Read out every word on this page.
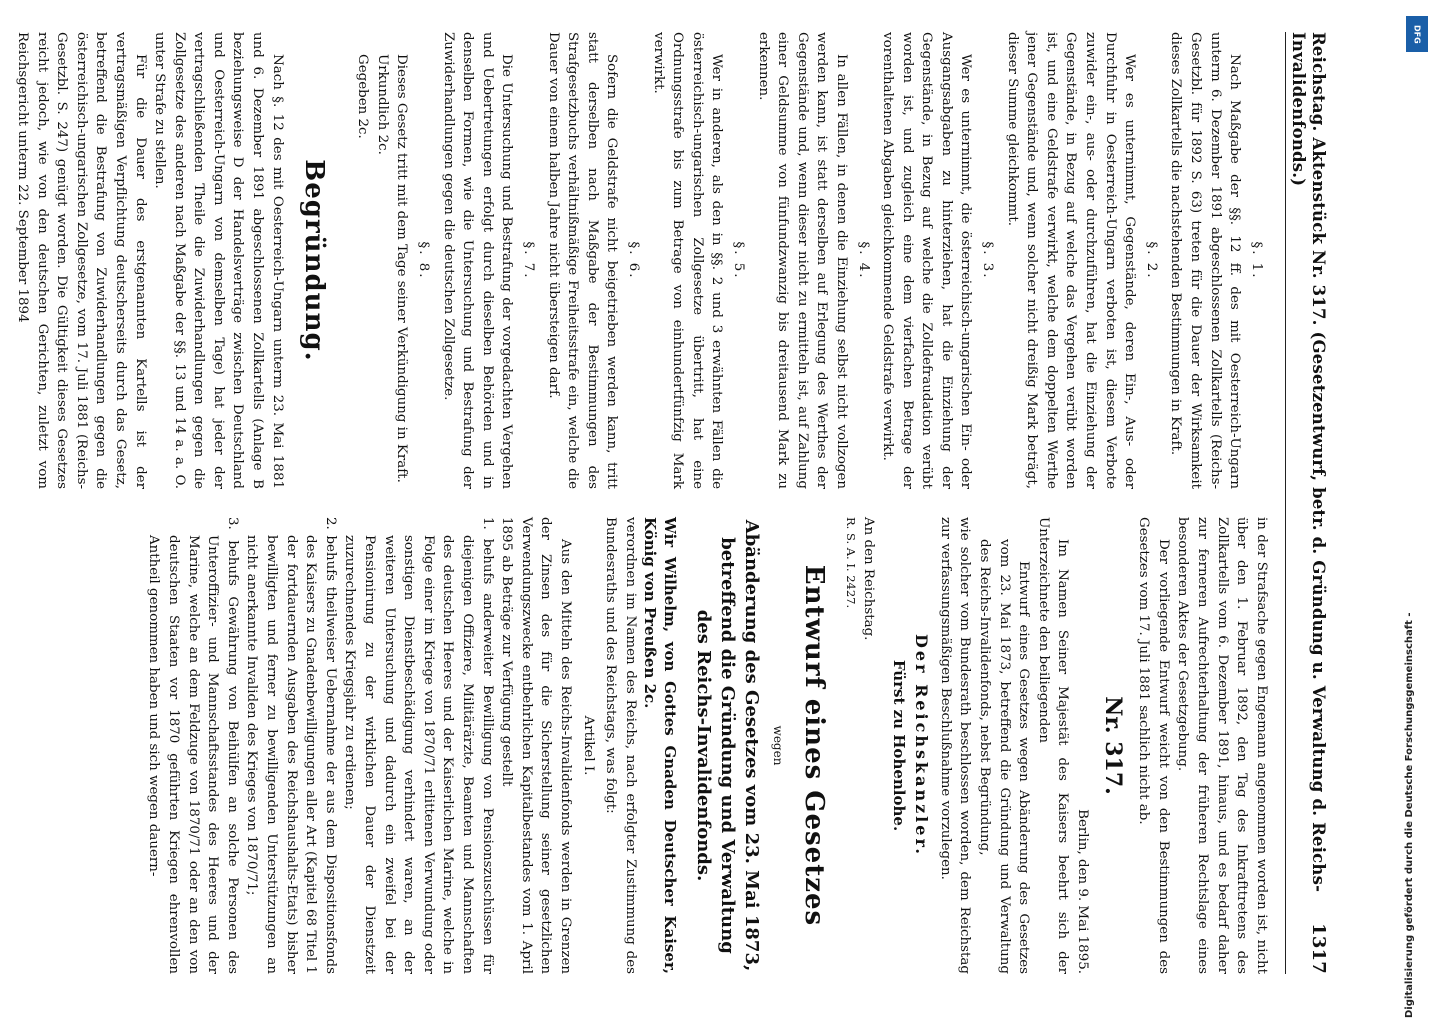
Reichstag. Aktenstück Nr. 317. (Gesetzentwurf, betr. d. Gründung u. Verwaltung d. Reichs-Invalidenfonds.)
1317
§. 1.

Nach Maßgabe der §§. 12 ff. des mit Oesterreich-Ungarn unterm 6. Dezember 1891 abgeschlossenen Zollkartells (Reichs-Gesetzbl. für 1892 S. 63) treten für die Dauer der Wirksamkeit dieses Zollkartells die nachstehenden Bestimmungen in Kraft.

§. 2.

Wer es unternimmt, Gegenstände, deren Ein-, Aus- oder Durchfuhr in Oesterreich-Ungarn verboten ist, diesem Verbote zuwider ein-, aus- oder durchzuführen, hat die Einziehung der Gegenstände, in Bezug auf welche das Vergehen verübt worden ist, und eine Geldstrafe verwirkt, welche dem doppelten Werthe jener Gegenstände und, wenn solcher nicht dreißig Mark beträgt, dieser Summe gleichkommt.

§. 3.

Wer es unternimmt, die österreichisch-ungarischen Ein- oder Ausgangsabgaben zu hinterziehen, hat die Einziehung der Gegenstände, in Bezug auf welche die Zolldefraudation verübt worden ist, und zugleich eine dem vierfachen Betrage der vorenthaltenen Abgaben gleichkommende Geldstrafe verwirkt.

§. 4.

In allen Fällen, in denen die Einziehung selbst nicht vollzogen werden kann, ist statt derselben auf Erlegung des Werthes der Gegenstände und, wenn dieser nicht zu ermitteln ist, auf Zahlung einer Geldsumme von fünfundzwanzig bis dreitausend Mark zu erkennen.

§. 5.

Wer in anderen, als den in §§. 2 und 3 erwähnten Fällen die österreichisch-ungarischen Zollgesetze übertritt, hat eine Ordnungsstrafe bis zum Betrage von einhundertfünfzig Mark verwirkt.

§. 6.

Sofern die Geldstrafe nicht beigetrieben werden kann, tritt statt derselben nach Maßgabe der Bestimmungen des Strafgesetzbuchs verhältnißmäßige Freiheitsstrafe ein, welche die Dauer von einem halben Jahre nicht übersteigen darf.

§. 7.

Die Untersuchung und Bestrafung der vorgedachten Vergehen und Uebertretungen erfolgt durch dieselben Behörden und in denselben Formen, wie die Untersuchung und Bestrafung der Zuwiderhandlungen gegen die deutschen Zollgesetze.

§. 8.

Dieses Gesetz tritt mit dem Tage seiner Verkündigung in Kraft.

Urkundlich 2c.

Gegeben 2c.

Begründung.

Nach §. 12 des mit Oesterreich-Ungarn unterm 23. Mai 1881 und 6. Dezember 1891 abgeschlossenen Zollkartells (Anlage B beziehungsweise D der Handelsverträge zwischen Deutschland und Oesterreich-Ungarn von demselben Tage) hat jeder der vertragschließenden Theile die Zuwiderhandlungen gegen die Zollgesetze des anderen nach Maßgabe der §§. 13 und 14 a. a. O. unter Strafe zu stellen.

Für die Dauer des erstgenannten Kartells ist der vertragsmäßigen Verpflichtung deutscherseits durch das Gesetz, betreffend die Bestrafung von Zuwiderhandlungen gegen die österreichisch-ungarischen Zollgesetze, vom 17. Juli 1881 (Reichs-Gesetzbl. S. 247) genügt worden. Die Gültigkeit dieses Gesetzes reicht jedoch, wie von den deutschen Gerichten, zuletzt vom Reichsgericht unterm 22. September 1894

in der Strafsache gegen Engemann angenommen worden ist, nicht über den 1. Februar 1892, den Tag des Inkrafttretens des Zollkartells vom 6. Dezember 1891, hinaus, und es bedarf daher zur ferneren Aufrechterhaltung der früheren Rechtslage eines besonderen Aktes der Gesetzgebung.

Der vorliegende Entwurf weicht von den Bestimmungen des Gesetzes vom 17. Juli 1881 sachlich nicht ab.

Nr. 317.
Berlin, den 9. Mai 1895.

Im Namen Seiner Majestät des Kaisers beehrt sich der Unterzeichnete den beiliegenden

Entwurf eines Gesetzes wegen Abänderung des Gesetzes vom 23. Mai 1873, betreffend die Gründung und Verwaltung des Reichs-Invalidenfonds, nebst Begründung,

wie solcher vom Bundesrath beschlossen worden, dem Reichstag zur verfassungsmäßigen Beschlußnahme vorzulegen.

Der Reichskanzler.
Fürst zu Hohenlohe.
An den Reichstag.
R. S. A. I. 2427.
Entwurf eines Gesetzes
wegen
Abänderung des Gesetzes vom 23. Mai 1873, betreffend die Gründung und Verwaltung des Reichs-Invalidenfonds.
Wir Wilhelm, von Gottes Gnaden Deutscher Kaiser, König von Preußen 2c.

verordnen im Namen des Reichs, nach erfolgter Zustimmung des Bundesraths und des Reichstags, was folgt:

Artikel I.

Aus den Mitteln des Reichs-Invalidenfonds werden in Grenzen der Zinsen des für die Sicherstellung seiner gesetzlichen Verwendungszwecke entbehrlichen Kapitalbestandes vom 1. April 1895 ab Beträge zur Verfügung gestellt

1. behufs anderweiter Bewilligung von Pensionszuschüssen für diejenigen Offiziere, Militärärzte, Beamten und Mannschaften des deutschen Heeres und der Kaiserlichen Marine, welche in Folge einer im Kriege von 1870/71 erlittenen Verwundung oder sonstigen Dienstbeschädigung verhindert waren, an der weiteren Untersuchung und dadurch ein zweifel bei der Pensionirung zu der wirklichen Dauer der Dienstzeit zuzurechnendes Kriegsjahr zu erdienen;

2. behufs theilweiser Uebernahme der aus dem Dispositionsfonds des Kaisers zu Gnadenbewilligungen aller Art (Kapitel 68 Titel 1 der fortdauernden Ausgaben des Reichshaushalts-Etats) bisher bewilligten und ferner zu bewilligenden Unterstützungen an nicht anerkannte Invaliden des Krieges von 1870/71;

3. behufs Gewährung von Beihülfen an solche Personen des Unteroffizier- und Mannschaftsstandes des Heeres und der Marine, welche an dem Feldzuge von 1870/71 oder an den von deutschen Staaten vor 1870 geführten Kriegen ehrenvollen Antheil genommen haben und sich wegen dauern-

DFG
Digitalisierung gefördert durch die Deutsche Forschungsgemeinschaft -
